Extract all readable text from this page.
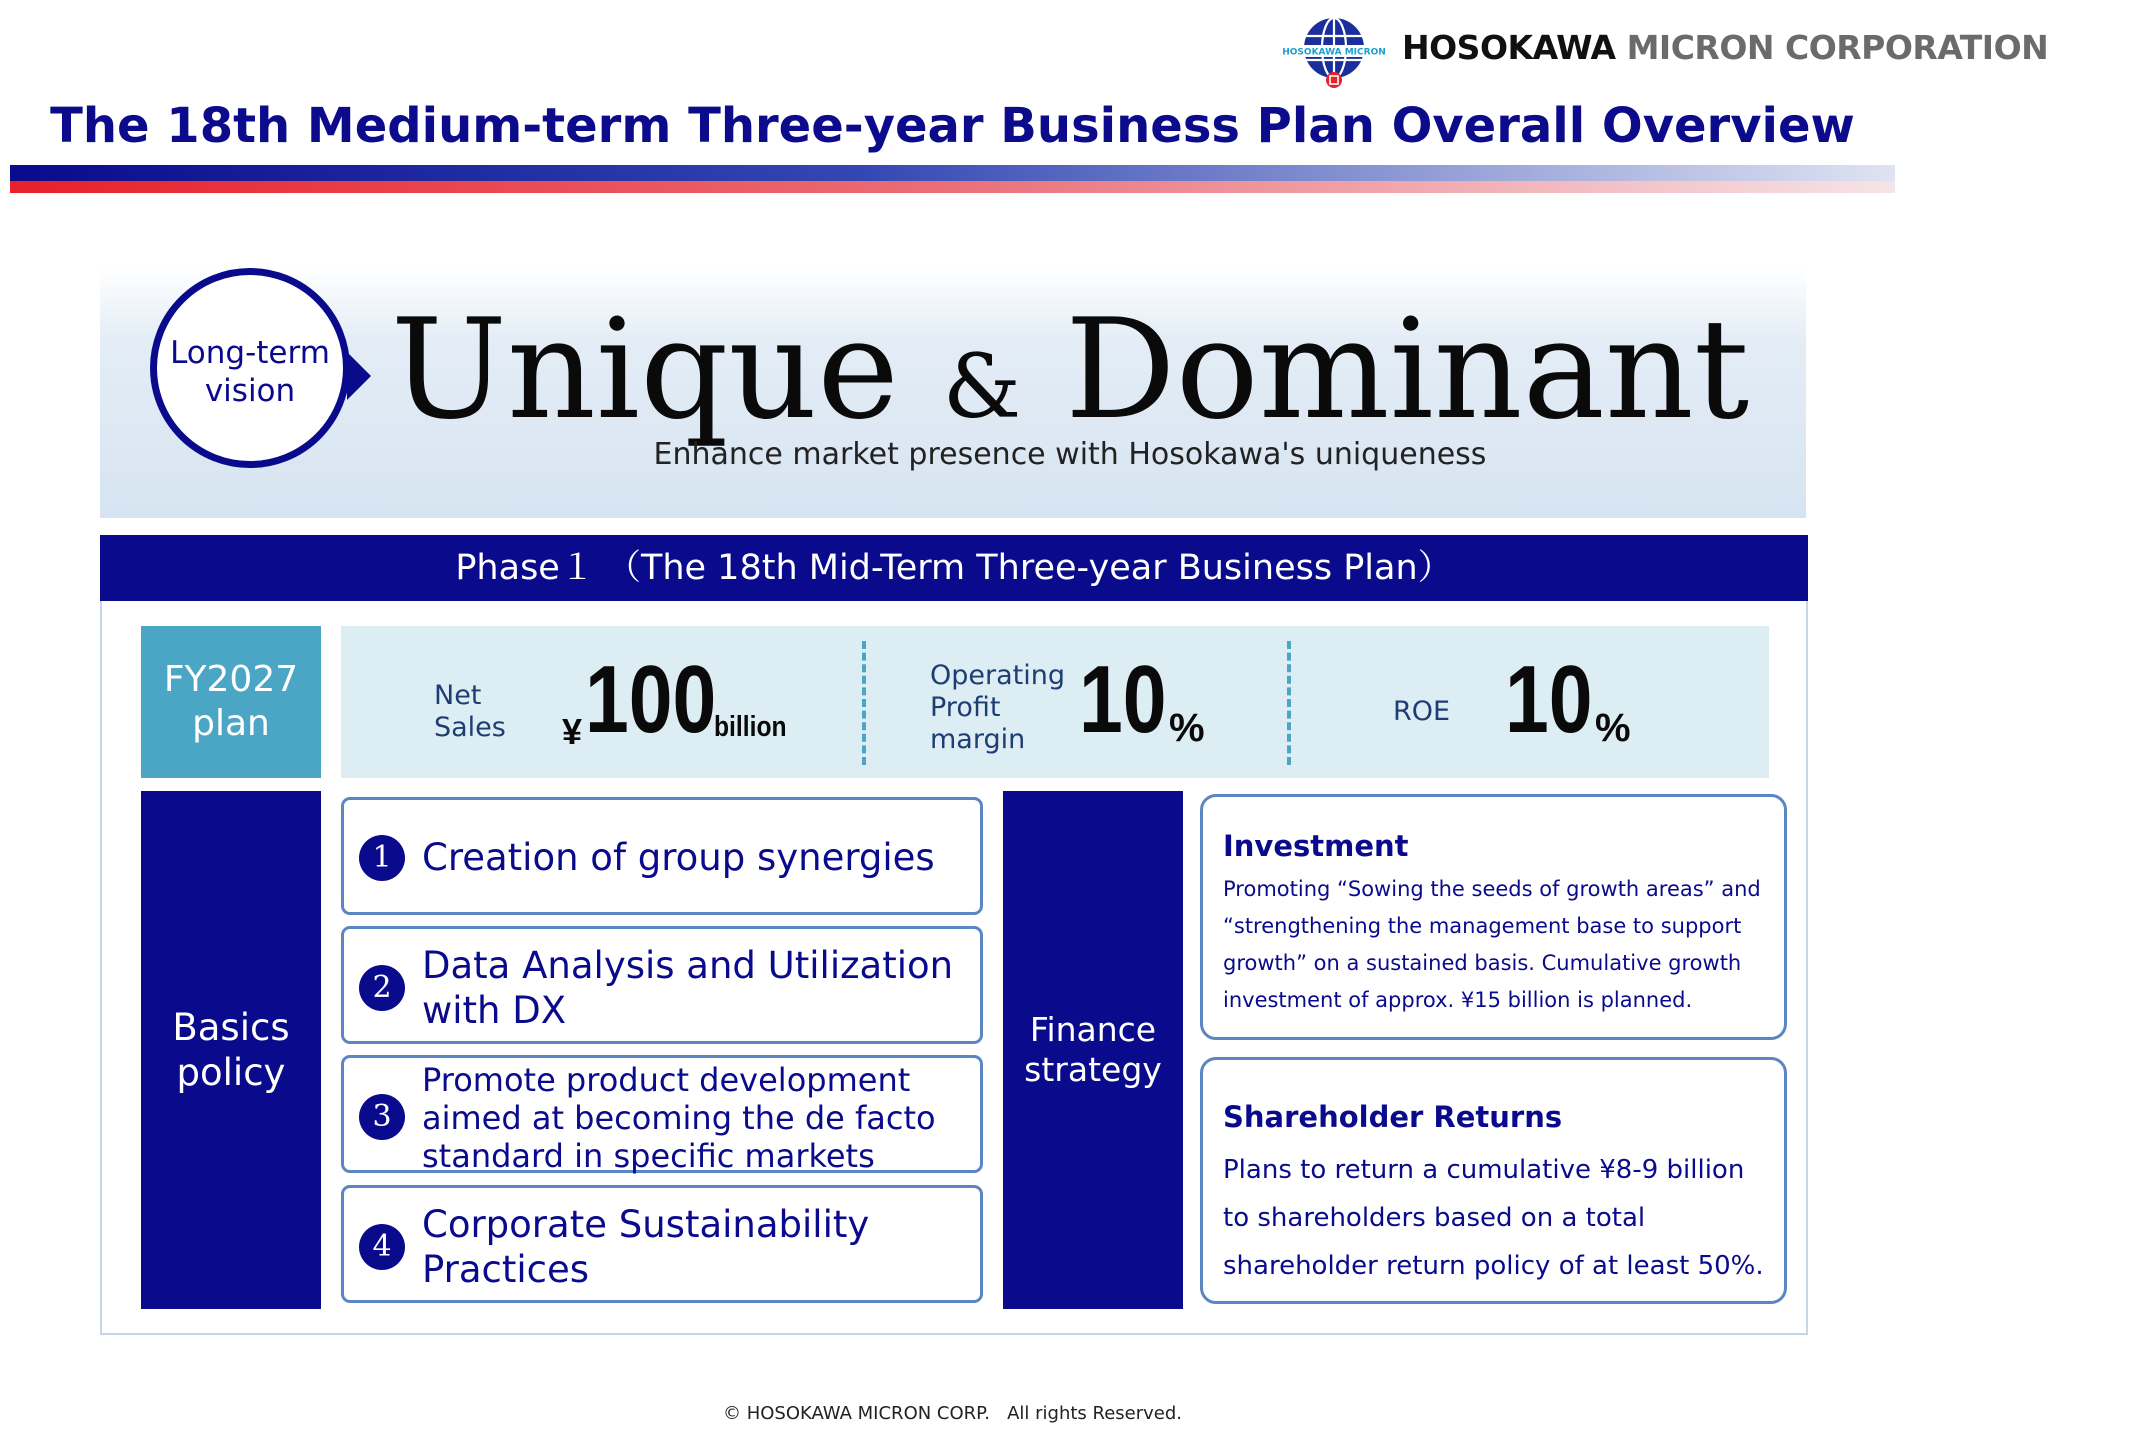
HOSOKAWA MICRON HOSOKAWA MICRON CORPORATION
The 18th Medium-term Three-year Business Plan Overall Overview
Long-term
vision Unique & Dominant
Enhance market presence with Hosokawa's uniqueness
Phase１ （The 18th Mid-Term Three-year Business Plan）
FY2027
plan
Net
Sales ¥ 100
billion
Operating
Profit
margin 10 %	ROE 10 %
Basics
policy
1 Creation of group synergies
2
Data Analysis and Utilization
with DX
3
Promote product development
aimed at becoming the de facto
standard in specific markets
4
Corporate Sustainability
Practices
Finance
strategy
Investment
Promoting “Sowing the seeds of growth areas” and
“strengthening the management base to support
growth” on a sustained basis. Cumulative growth
investment of approx. ¥15 billion is planned.
Shareholder Returns
Plans to return a cumulative ¥8-9 billion
to shareholders based on a total
shareholder return policy of at least 50%.
© HOSOKAWA MICRON CORP.   All rights Reserved.
